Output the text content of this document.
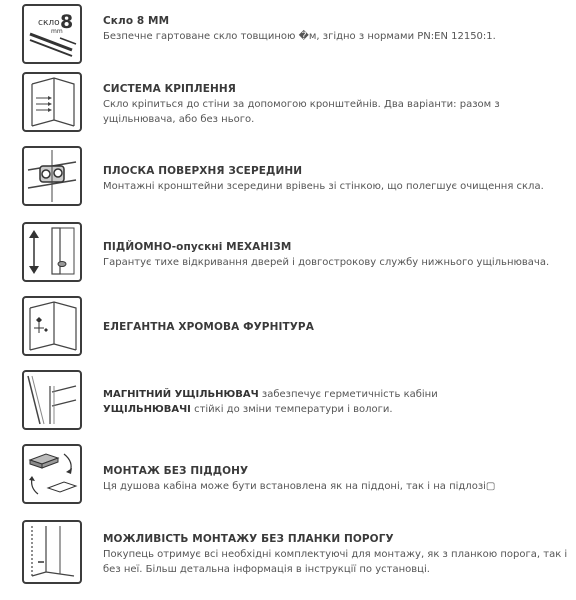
скло 8
mm

Скло 8 ММ

Безпечне гартоване скло товщиною �м, згідно з нормами PN:EN 12150:1.

СИСТЕМА КРІПЛЕННЯ

Скло кріпиться до стіни за допомогою кронштейнів. Два варіанти: разом з ущільнювача, або без нього.

ПЛОСКА ПОВЕРХНЯ ЗСЕРЕДИНИ

Монтажні кронштейни зсередини врівень зі стінкою, що полегшує очищення скла.

ПІДЙОМНО-опускні МЕХАНІЗМ

Гарантує тихе відкривання дверей і довгострокову службу нижнього ущільнювача.

ЕЛЕГАНТНА ХРОМОВА ФУРНІТУРА

МАГНІТНИЙ УЩІЛЬНЮВАЧ забезпечує герметичність кабіни
УЩІЛЬНЮВАЧІ стійкі до зміни температури і вологи.

МОНТАЖ БЕЗ ПІДДОНУ

Ця душова кабіна може бути встановлена як на піддоні, так і на підлозі▢

МОЖЛИВІСТЬ МОНТАЖУ БЕЗ ПЛАНКИ ПОРОГУ

Покупець отримує всі необхідні комплектуючі для монтажу, як з планкою порога, так і без неї. Більш детальна інформація в інструкції по установці.
